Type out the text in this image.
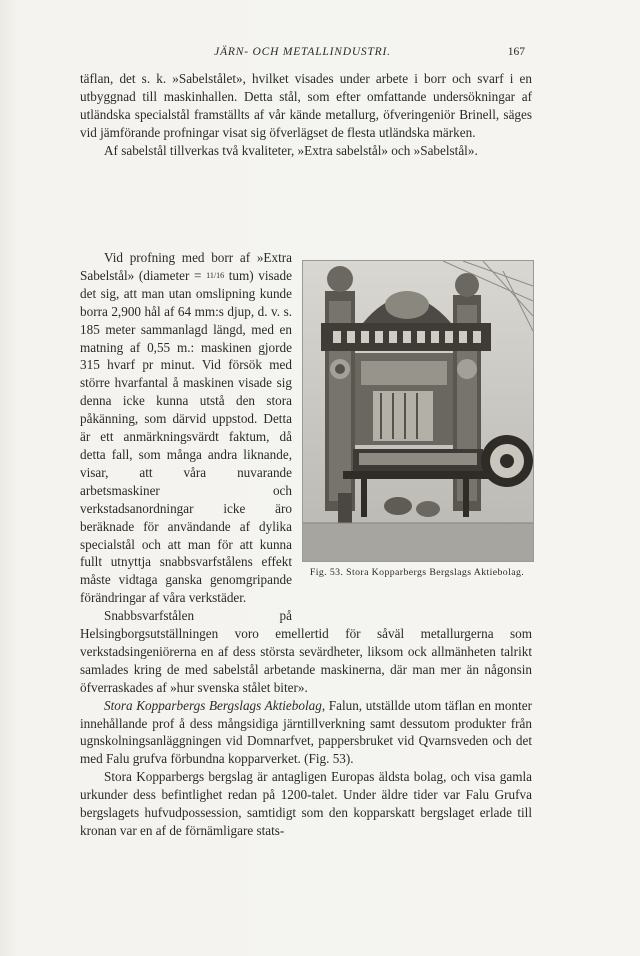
JÄRN- OCH METALLINDUSTRI.	167

täflan, det s. k. »Sabelstålet», hvilket visades under arbete i borr och svarf i en utbyggnad till maskinhallen. Detta stål, som efter omfattande undersökningar af utländska specialstål framställts af vår kände metallurg, öfveringeniör Brinell, säges vid jämförande profningar visat sig öfverlägset de flesta utländska märken.

Af sabelstål tillverkas två kvaliteter, »Extra sabelstål» och »Sabelstål».

Vid profning med borr af »Extra Sabelstål» (diameter = 11/16 tum) visade det sig, att man utan omslipning kunde borra 2,900 hål af 64 mm:s djup, d. v. s. 185 meter sammanlagd längd, med en matning af 0,55 m.: maskinen gjorde 315 hvarf pr minut. Vid försök med större hvarfantal å maskinen visade sig denna icke kunna utstå den stora påkänning, som därvid uppstod. Detta är ett anmärkningsvärdt faktum, då detta fall, som många andra liknande, visar, att våra nuvarande arbetsmaskiner och verkstadsanordningar icke äro beräknade för användande af dylika specialstål och att man för att kunna fullt utnyttja snabbsvarfstålens effekt måste vidtaga ganska genomgripande förändringar af våra verkstäder.

Snabbsvarfstålen på Helsingborgsutställningen voro emellertid för såväl metallurgerna som verkstadsingeniörerna en af dess största sevärdheter, liksom ock allmänheten talrikt samlades kring de med sabelstål arbetande maskinerna, där man mer än någonsin öfverraskades af »hur svenska stålet biter».

Stora Kopparbergs Bergslags Aktiebolag, Falun, utställde utom täflan en monter innehållande prof å dess mångsidiga järntillverkning samt dessutom produkter från ugnskolningsanläggningen vid Domnarfvet, pappersbruket vid Qvarnsveden och det med Falu grufva förbundna kopparverket. (Fig. 53).

Stora Kopparbergs bergslag är antagligen Europas äldsta bolag, och visa gamla urkunder dess befintlighet redan på 1200-talet. Under äldre tider var Falu Grufva bergslagets hufvudpossession, samtidigt som den kopparskatt bergslaget erlade till kronan var en af de förnämligare stats-

Fig. 53. Stora Kopparbergs Bergslags Aktiebolag.
